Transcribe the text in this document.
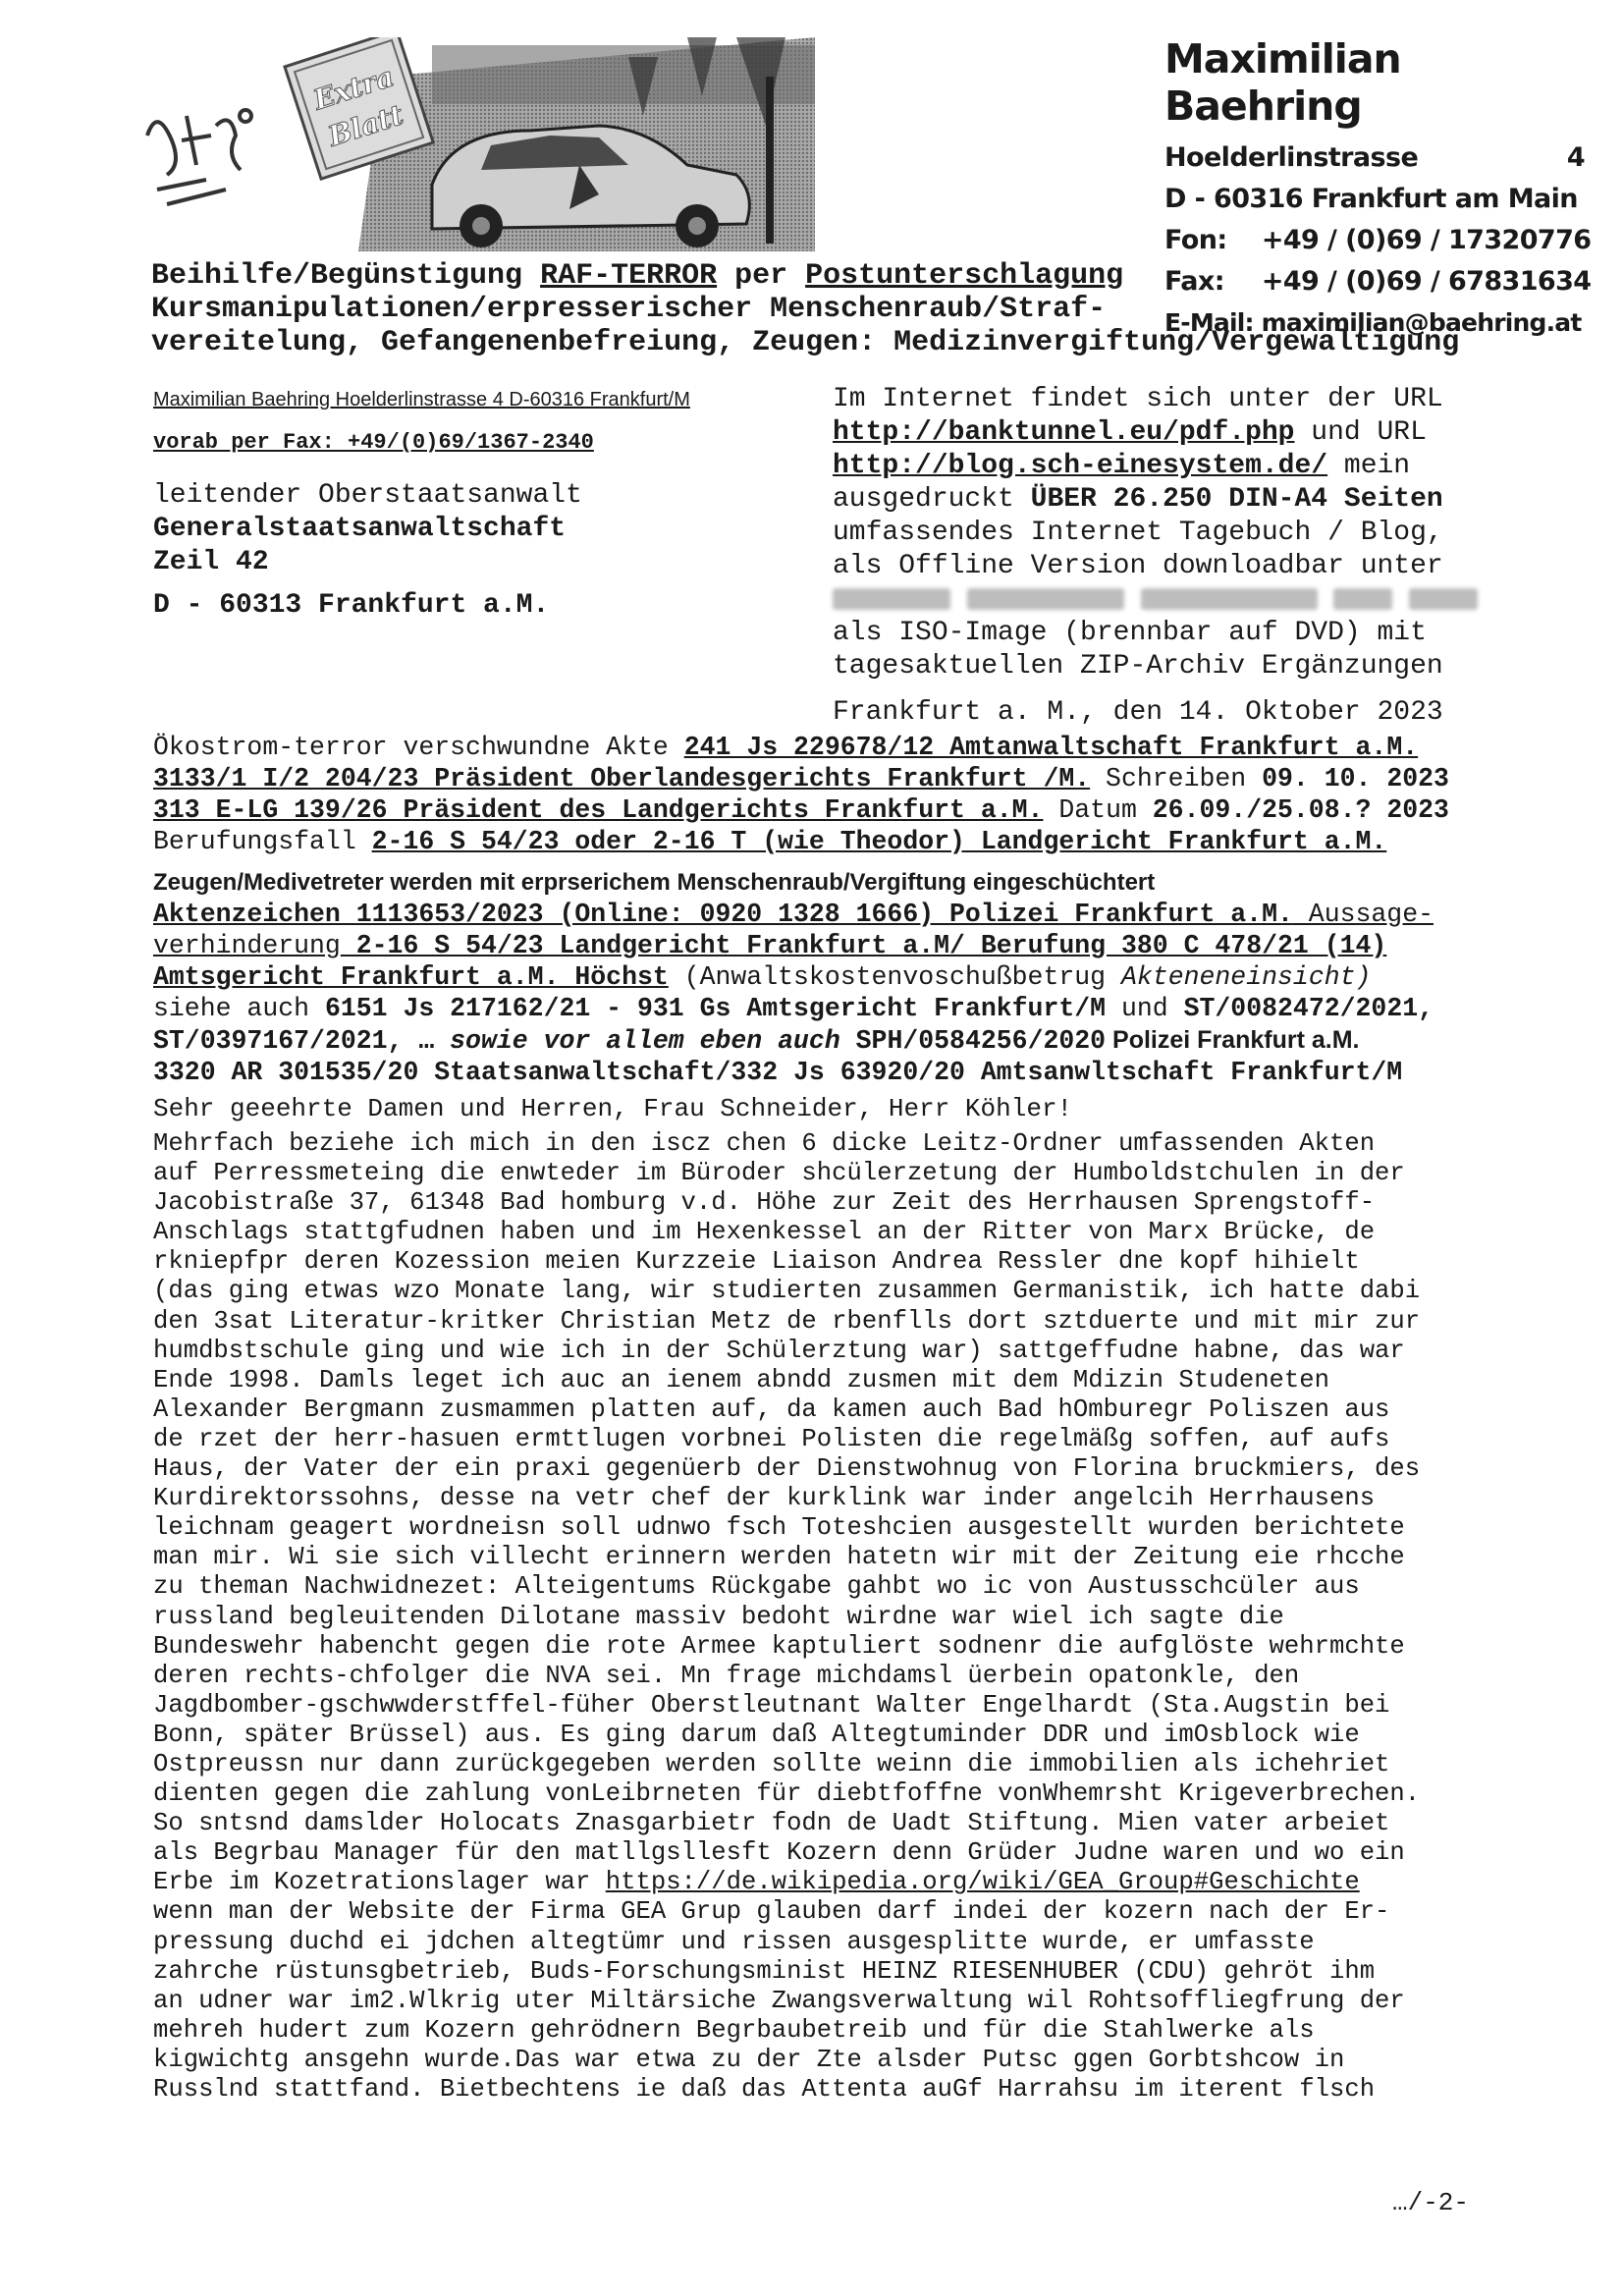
Extra
Blatt
Maximilian Baehring
Hoelderlinstrasse	4
D - 60316 Frankfurt am Main
Fon: +49 / (0)69 / 17320776
Fax: +49 / (0)69 / 67831634
E-Mail: maximilian@baehring.at
Beihilfe/Begünstigung RAF-TERROR per Postunterschlagung
Kursmanipulationen/erpresserischer Menschenraub/Straf-
vereitelung, Gefangenenbefreiung, Zeugen: Medizinvergiftung/Vergewaltigung
Maximilian Baehring Hoelderlinstrasse 4 D-60316 Frankfurt/M
vorab per Fax: +49/(0)69/1367-2340
leitender Oberstaatsanwalt
Generalstaatsanwaltschaft
Zeil 42
D - 60313 Frankfurt a.M.
Im Internet findet sich unter der URL
http://banktunnel.eu/pdf.php und URL
http://blog.sch-einesystem.de/ mein
ausgedruckt ÜBER 26.250 DIN-A4 Seiten
umfassendes Internet Tagebuch / Blog,
als Offline Version downloadbar unter

als ISO-Image (brennbar auf DVD) mit
tagesaktuellen ZIP-Archiv Ergänzungen
Frankfurt a. M., den 14. Oktober 2023
Ökostrom-terror verschwundne Akte 241 Js 229678/12 Amtanwaltschaft Frankfurt a.M.
3133/1 I/2 204/23 Präsident Oberlandesgerichts Frankfurt /M. Schreiben 09. 10. 2023
313 E-LG 139/26 Präsident des Landgerichts Frankfurt a.M. Datum 26.09./25.08.? 2023
Berufungsfall 2-16 S 54/23 oder 2-16 T (wie Theodor) Landgericht Frankfurt a.M.
Zeugen/Medivetreter werden mit erprserichem Menschenraub/Vergiftung eingeschüchtert
Aktenzeichen 1113653/2023 (Online: 0920 1328 1666) Polizei Frankfurt a.M. Aussage-
verhinderung 2-16 S 54/23 Landgericht Frankfurt a.M/ Berufung 380 C 478/21 (14)
Amtsgericht Frankfurt a.M. Höchst (Anwaltskostenvoschußbetrug Akteneneinsicht)
siehe auch 6151 Js 217162/21 - 931 Gs Amtsgericht Frankfurt/M und ST/0082472/2021,
ST/0397167/2021, … sowie vor allem eben auch SPH/0584256/2020 Polizei Frankfurt a.M.
3320 AR 301535/20 Staatsanwaltschaft/332 Js 63920/20 Amtsanwltschaft Frankfurt/M
Sehr geeehrte Damen und Herren, Frau Schneider, Herr Köhler!
Mehrfach beziehe ich mich in den iscz chen 6 dicke Leitz-Ordner umfassenden Akten
auf Perressmeteing die enwteder im Büroder shcülerzetung der Humboldstchulen in der
Jacobistraße 37, 61348 Bad homburg v.d. Höhe zur Zeit des Herrhausen Sprengstoff-
Anschlags stattgfudnen haben und im Hexenkessel an der Ritter von Marx Brücke, de
rkniepfpr deren Kozession meien Kurzzeie Liaison Andrea Ressler dne kopf hihielt
(das ging etwas wzo Monate lang, wir studierten zusammen Germanistik, ich hatte dabi
den 3sat Literatur-kritker Christian Metz de rbenflls dort sztduerte und mit mir zur
humdbstschule ging und wie ich in der Schülerztung war) sattgeffudne habne, das war
Ende 1998. Damls leget ich auc an ienem abndd zusmen mit dem Mdizin Studeneten
Alexander Bergmann zusmammen platten auf, da kamen auch Bad hOmburegr Poliszen aus
de rzet der herr-hasuen ermttlugen vorbnei Polisten die regelmäßg soffen, auf aufs
Haus, der Vater der ein praxi gegenüerb der Dienstwohnug von Florina bruckmiers, des
Kurdirektorssohns, desse na vetr chef der kurklink war inder angelcih Herrhausens
leichnam geagert wordneisn soll udnwo fsch Toteshcien ausgestellt wurden berichtete
man mir. Wi sie sich villecht erinnern werden hatetn wir mit der Zeitung eie rhcche
zu theman Nachwidnezet: Alteigentums Rückgabe gahbt wo ic von Austusschcüler aus
russland begleuitenden Dilotane massiv bedoht wirdne war wiel ich sagte die
Bundeswehr habencht gegen die rote Armee kaptuliert sodnenr die aufglöste wehrmchte
deren rechts-chfolger die NVA sei. Mn frage michdamsl üerbein opatonkle, den
Jagdbomber-gschwwderstffel-füher Oberstleutnant Walter Engelhardt (Sta.Augstin bei
Bonn, später Brüssel) aus. Es ging darum daß Altegtuminder DDR und imOsblock wie
Ostpreussn nur dann zurückgegeben werden sollte weinn die immobilien als ichehriet
dienten gegen die zahlung vonLeibrneten für diebtfoffne vonWhemrsht Krigeverbrechen.
So sntsnd damslder Holocats Znasgarbietr fodn de Uadt Stiftung. Mien vater arbeiet
als Begrbau Manager für den matllgsllesft Kozern denn Grüder Judne waren und wo ein
Erbe im Kozetrationslager war https://de.wikipedia.org/wiki/GEA_Group#Geschichte
wenn man der Website der Firma GEA Grup glauben darf indei der kozern nach der Er-
pressung duchd ei jdchen altegtümr und rissen ausgesplitte wurde, er umfasste
zahrche rüstunsgbetrieb, Buds-Forschungsminist HEINZ RIESENHUBER (CDU) gehröt ihm
an udner war im2.Wlkrig uter Miltärsiche Zwangsverwaltung wil Rohtsoffliegfrung der
mehreh hudert zum Kozern gehrödnern Begrbaubetreib und für die Stahlwerke als
kigwichtg ansgehn wurde.Das war etwa zu der Zte alsder Putsc ggen Gorbtshcow in
Russlnd stattfand. Bietbechtens ie daß das Attenta auGf Harrahsu im iterent flsch
…/-2-
